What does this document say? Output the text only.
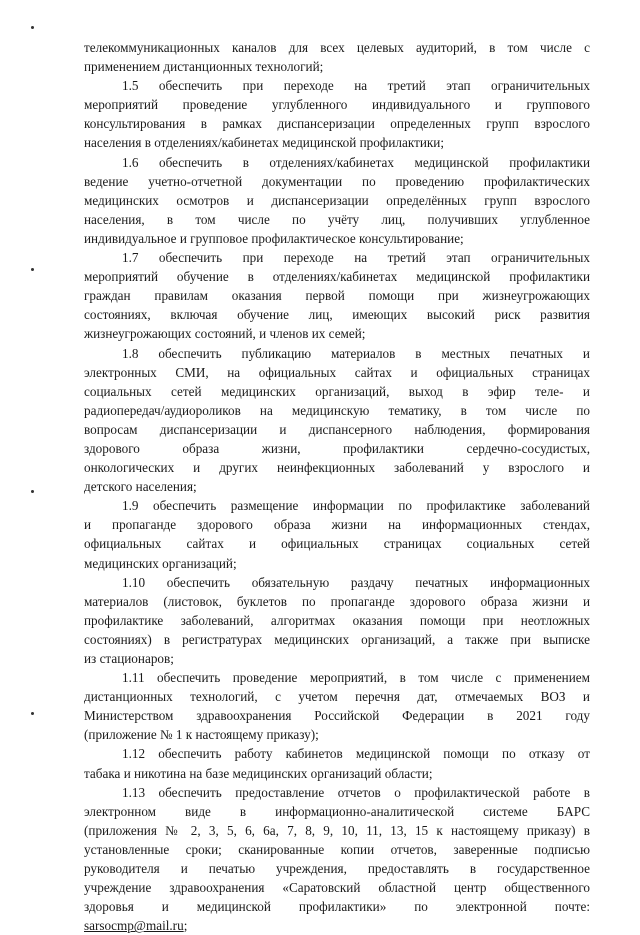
телекоммуникационных каналов для всех целевых аудиторий, в том числе с
применением дистанционных технологий;
1.5 обеспечить при переходе на третий этап ограничительных
мероприятий проведение углубленного индивидуального и группового
консультирования в рамках диспансеризации определенных групп взрослого
населения в отделениях/кабинетах медицинской профилактики;
1.6 обеспечить в отделениях/кабинетах медицинской профилактики
ведение учетно-отчетной документации по проведению профилактических
медицинских осмотров и диспансеризации определённых групп взрослого
населения, в том числе по учёту лиц, получивших углубленное
индивидуальное и групповое профилактическое консультирование;
1.7 обеспечить при переходе на третий этап ограничительных
мероприятий обучение в отделениях/кабинетах медицинской профилактики
граждан правилам оказания первой помощи при жизнеугрожающих
состояниях, включая обучение лиц, имеющих высокий риск развития
жизнеугрожающих состояний, и членов их семей;
1.8 обеспечить публикацию материалов в местных печатных и
электронных СМИ, на официальных сайтах и официальных страницах
социальных сетей медицинских организаций, выход в эфир теле- и
радиопередач/аудиороликов на медицинскую тематику, в том числе по
вопросам диспансеризации и диспансерного наблюдения, формирования
здорового образа жизни, профилактики сердечно-сосудистых,
онкологических и других неинфекционных заболеваний у взрослого и
детского населения;
1.9 обеспечить размещение информации по профилактике заболеваний
и пропаганде здорового образа жизни на информационных стендах,
официальных сайтах и официальных страницах социальных сетей
медицинских организаций;
1.10 обеспечить обязательную раздачу печатных информационных
материалов (листовок, буклетов по пропаганде здорового образа жизни и
профилактике заболеваний, алгоритмах оказания помощи при неотложных
состояниях) в регистратурах медицинских организаций, а также при выписке
из стационаров;
1.11 обеспечить проведение мероприятий, в том числе с применением
дистанционных технологий, с учетом перечня дат, отмечаемых ВОЗ и
Министерством здравоохранения Российской Федерации в 2021 году
(приложение № 1 к настоящему приказу);
1.12 обеспечить работу кабинетов медицинской помощи по отказу от
табака и никотина на базе медицинских организаций области;
1.13 обеспечить предоставление отчетов о профилактической работе в
электронном виде в информационно-аналитической системе БАРС
(приложения № 2, 3, 5, 6, 6а, 7, 8, 9, 10, 11, 13, 15 к настоящему приказу) в
установленные сроки; сканированные копии отчетов, заверенные подписью
руководителя и печатью учреждения, предоставлять в государственное
учреждение здравоохранения «Саратовский областной центр общественного
здоровья и медицинской профилактики» по электронной почте:
sarsocmp@mail.ru;
